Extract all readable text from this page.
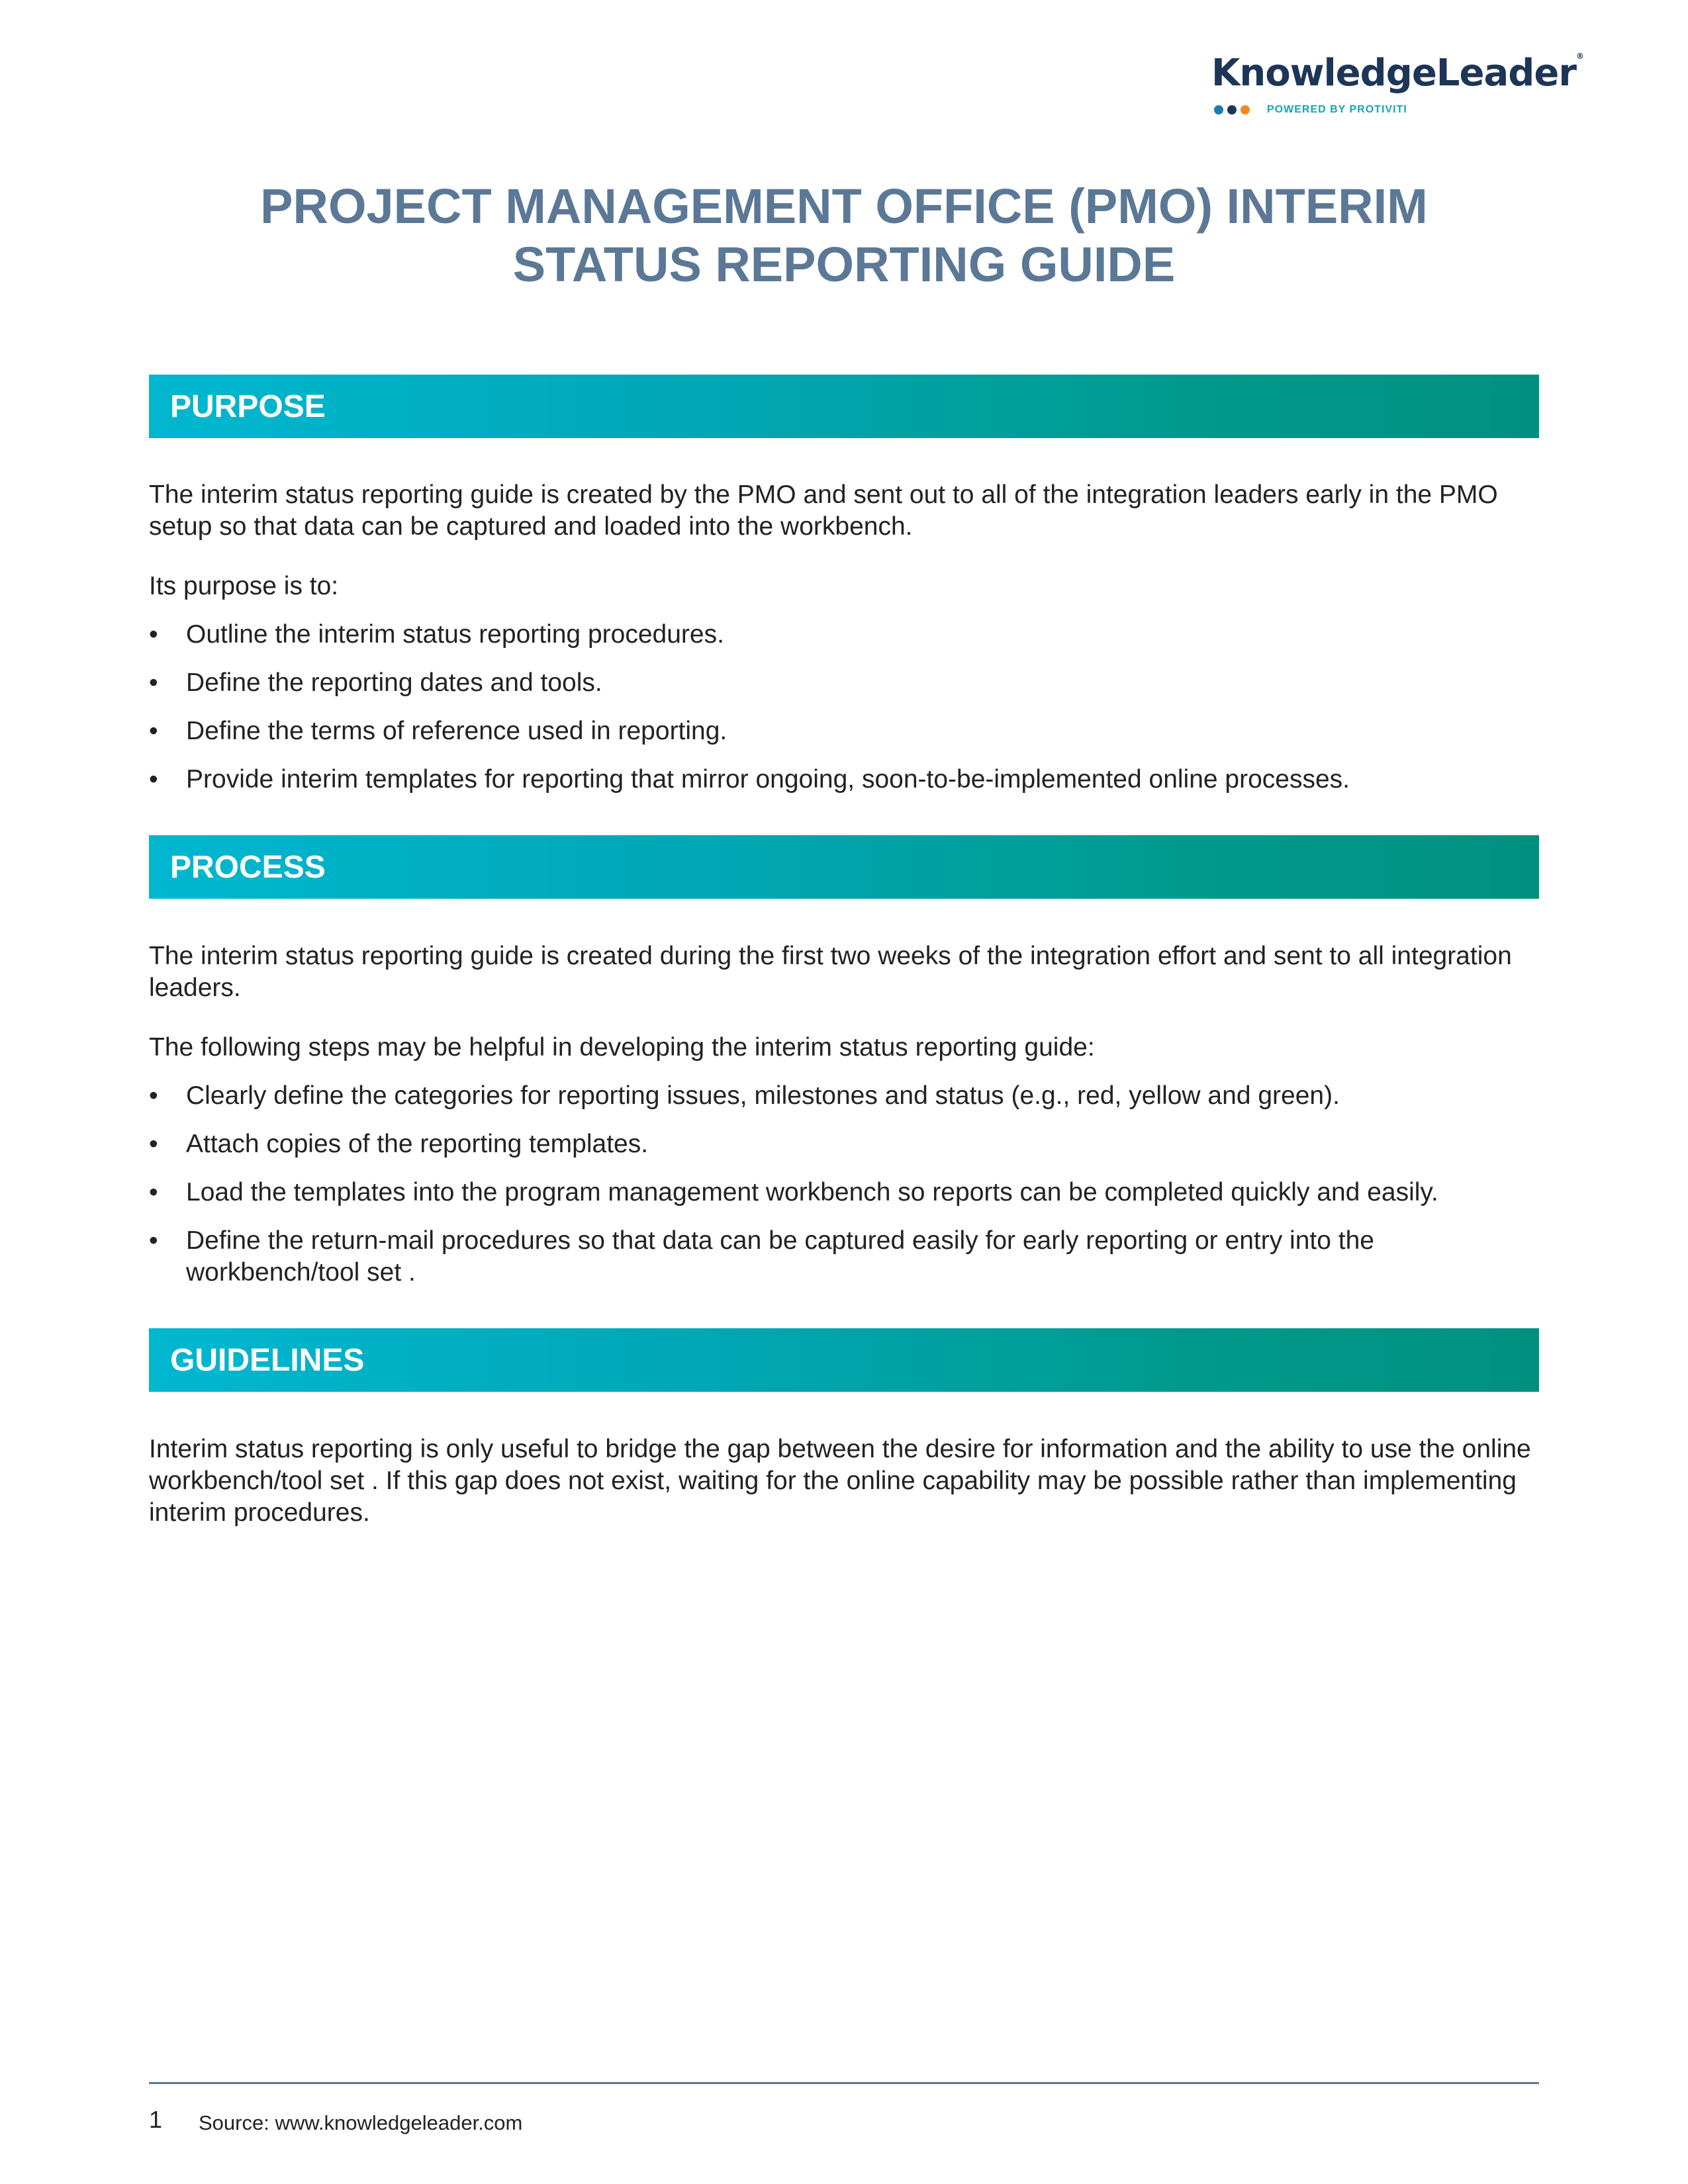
KnowledgeLeader®
POWERED BY PROTIVITI
PROJECT MANAGEMENT OFFICE (PMO) INTERIM
STATUS REPORTING GUIDE
PURPOSE

The interim status reporting guide is created by the PMO and sent out to all of the integration leaders early in the PMO setup so that data can be captured and loaded into the workbench.

Its purpose is to:

• Outline the interim status reporting procedures.
• Define the reporting dates and tools.
• Define the terms of reference used in reporting.
• Provide interim templates for reporting that mirror ongoing, soon-to-be-implemented online processes.
PROCESS

The interim status reporting guide is created during the first two weeks of the integration effort and sent to all integration leaders.

The following steps may be helpful in developing the interim status reporting guide:

• Clearly define the categories for reporting issues, milestones and status (e.g., red, yellow and green).
• Attach copies of the reporting templates.
• Load the templates into the program management workbench so reports can be completed quickly and easily.
• Define the return-mail procedures so that data can be captured easily for early reporting or entry into the workbench/tool set .
GUIDELINES

Interim status reporting is only useful to bridge the gap between the desire for information and the ability to use the online workbench/tool set . If this gap does not exist, waiting for the online capability may be possible rather than implementing interim procedures.

1 Source: www.knowledgeleader.com
